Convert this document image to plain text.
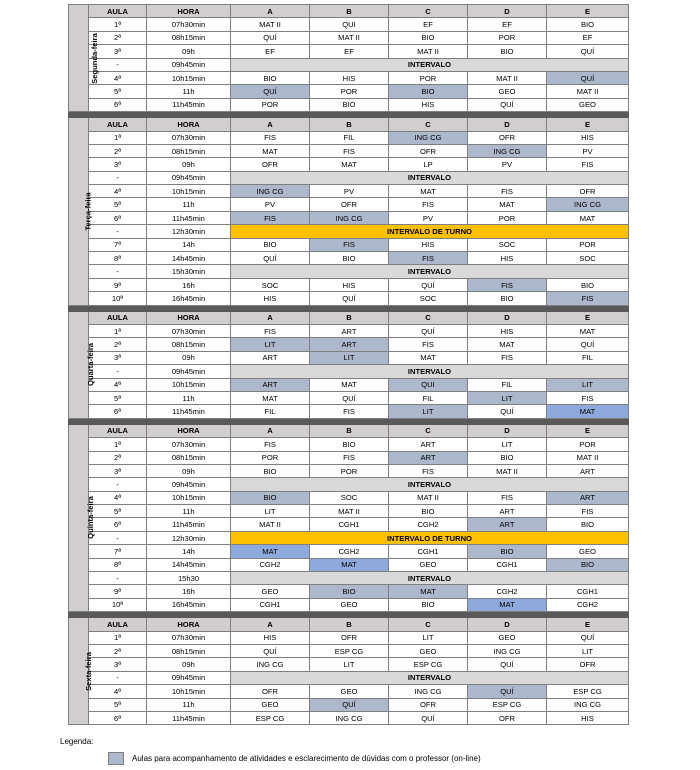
Segunda-feira	AULA	HORA	A	B	C	D	E
	1ª	07h30min	MAT II	QUI	EF	EF	BIO
	2ª	08h15min	QUÍ	MAT II	BIO	POR	EF
	3ª	09h	EF	EF	MAT II	BIO	QUÍ
	-	09h45min	INTERVALO				
	4ª	10h15min	BIO	HIS	POR	MAT II	QUÍ
	5ª	11h	QUÍ	POR	BIO	GEO	MAT II
	6ª	11h45min	POR	BIO	HIS	QUÍ	GEO

Terça-feira	AULA	HORA	A	B	C	D	E
	1ª	07h30min	FIS	FIL	ING CG	OFR	HIS
	2ª	08h15min	MAT	FIS	OFR	ING CG	PV
	3ª	09h	OFR	MAT	LP	PV	FIS
	-	09h45min	INTERVALO				
	4ª	10h15min	ING CG	PV	MAT	FIS	OFR
	5ª	11h	PV	OFR	FIS	MAT	ING CG
	6ª	11h45min	FIS	ING CG	PV	POR	MAT
	-	12h30min	INTERVALO DE TURNO				
	7ª	14h	BIO	FIS	HIS	SOC	POR
	8ª	14h45min	QUÍ	BIO	FIS	HIS	SOC
	-	15h30min	INTERVALO				
	9ª	16h	SOC	HIS	QUÍ	FIS	BIO
	10ª	16h45min	HIS	QUÍ	SOC	BIO	FIS

Quarta-feira	AULA	HORA	A	B	C	D	E
	1ª	07h30min	FIS	ART	QUÍ	HIS	MAT
	2ª	08h15min	LIT	ART	FIS	MAT	QUÍ
	3ª	09h	ART	LIT	MAT	FIS	FIL
	-	09h45min	INTERVALO				
	4ª	10h15min	ART	MAT	QUI	FIL	LIT
	5ª	11h	MAT	QUÍ	FIL	LIT	FIS
	6ª	11h45min	FIL	FIS	LIT	QUÍ	MAT

Quinta-feira	AULA	HORA	A	B	C	D	E
	1ª	07h30min	FIS	BIO	ART	LIT	POR
	2ª	08h15min	POR	FIS	ART	BIO	MAT II
	3ª	09h	BIO	POR	FIS	MAT II	ART
	-	09h45min	INTERVALO				
	4ª	10h15min	BIO	SOC	MAT II	FIS	ART
	5ª	11h	LIT	MAT II	BIO	ART	FIS
	6ª	11h45min	MAT II	CGH1	CGH2	ART	BIO
	-	12h30min	INTERVALO DE TURNO				
	7ª	14h	MAT	CGH2	CGH1	BIO	GEO
	8ª	14h45min	CGH2	MAT	GEO	CGH1	BIO
	-	15h30	INTERVALO				
	9ª	16h	GEO	BIO	MAT	CGH2	CGH1
	10ª	16h45min	CGH1	GEO	BIO	MAT	CGH2

Sexta-feira	AULA	HORA	A	B	C	D	E
	1ª	07h30min	HIS	OFR	LIT	GEO	QUÍ
	2ª	08h15min	QUÍ	ESP CG	GEO	ING CG	LIT
	3ª	09h	ING CG	LIT	ESP CG	QUÍ	OFR
	-	09h45min	INTERVALO				
	4ª	10h15min	OFR	GEO	ING CG	QUÍ	ESP CG
	5ª	11h	GEO	QUÍ	OFR	ESP CG	ING CG
	6ª	11h45min	ESP CG	ING CG	QUÍ	OFR	HIS
Legenda:
Aulas para acompanhamento de atividades e esclarecimento de dúvidas com o professor (on-line)
